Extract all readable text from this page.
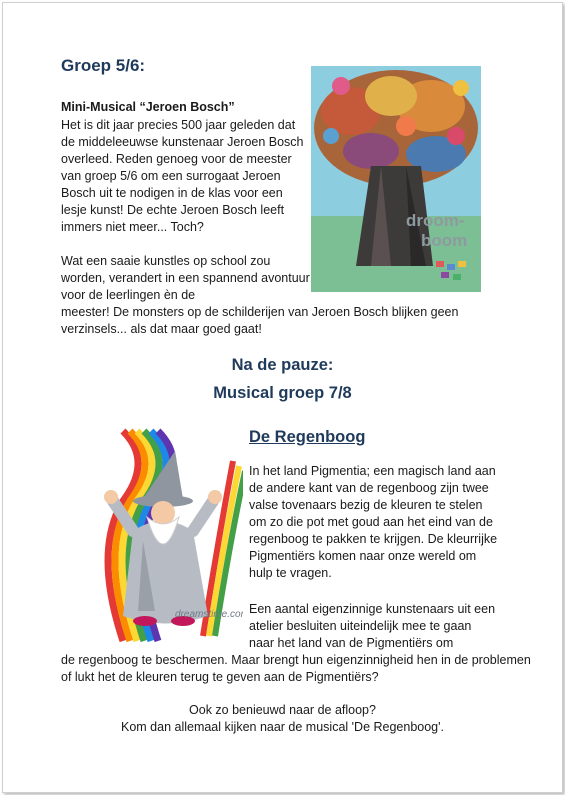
Groep 5/6:
Mini-Musical “Jeroen Bosch”
Het is dit jaar precies 500 jaar geleden dat de middeleeuwse kunstenaar Jeroen Bosch overleed. Reden genoeg voor de meester van groep 5/6 om een surrogaat Jeroen Bosch uit te nodigen in de klas voor een lesje kunst! De echte Jeroen Bosch leeft immers niet meer... Toch?
Wat een saaie kunstles op school zou worden, verandert in een spannend avontuur voor de leerlingen èn de
meester! De monsters op de schilderijen van Jeroen Bosch blijken geen verzinsels... als dat maar goed gaat!
droom-
boom
Na de pauze:
Musical groep 7/8
dreamstime.com
De Regenboog
In het land Pigmentia; een magisch land aan de andere kant van de regenboog zijn twee valse tovenaars bezig de kleuren te stelen om zo die pot met goud aan het eind van de regenboog te pakken te krijgen. De kleurrijke Pigmentiërs komen naar onze wereld om hulp te vragen.
Een aantal eigenzinnige kunstenaars uit een atelier besluiten uiteindelijk mee te gaan naar het land van de Pigmentiërs om
de regenboog te beschermen. Maar brengt hun eigenzinnigheid hen in de problemen of lukt het de kleuren terug te geven aan de Pigmentiërs?
Ook zo benieuwd naar de afloop?
Kom dan allemaal kijken naar de musical 'De Regenboog'.
